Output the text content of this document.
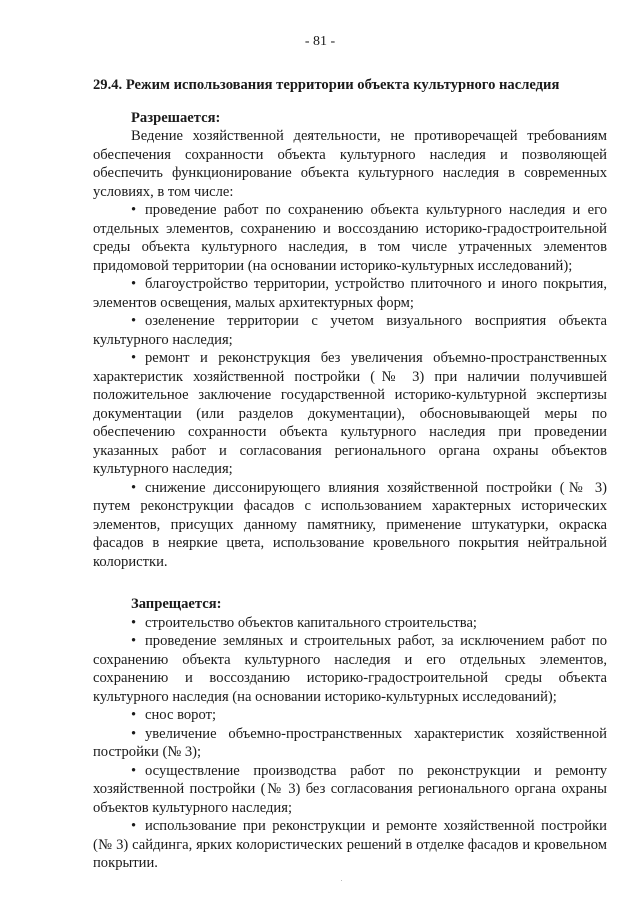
- 81 -

29.4. Режим использования территории объекта культурного наследия

Разрешается:

Ведение хозяйственной деятельности, не противоречащей требованиям обеспечения сохранности объекта культурного наследия и позволяющей обеспечить функционирование объекта культурного наследия в современных условиях, в том числе:

• проведение работ по сохранению объекта культурного наследия и его отдельных элементов, сохранению и воссозданию историко-градостроительной среды объекта культурного наследия, в том числе утраченных элементов придомовой территории (на основании историко-культурных исследований);
• благоустройство территории, устройство плиточного и иного покрытия, элементов освещения, малых архитектурных форм;
• озеленение территории с учетом визуального восприятия объекта культурного наследия;
• ремонт и реконструкция без увеличения объемно-пространственных характеристик хозяйственной постройки (№ 3) при наличии получившей положительное заключение государственной историко-культурной экспертизы документации (или разделов документации), обосновывающей меры по обеспечению сохранности объекта культурного наследия при проведении указанных работ и согласования регионального органа охраны объектов культурного наследия;
• снижение диссонирующего влияния хозяйственной постройки (№ 3) путем реконструкции фасадов с использованием характерных исторических элементов, присущих данному памятнику, применение штукатурки, окраска фасадов в неяркие цвета, использование кровельного покрытия нейтральной колористки.

Запрещается:

• строительство объектов капитального строительства;
• проведение земляных и строительных работ, за исключением работ по сохранению объекта культурного наследия и его отдельных элементов, сохранению и воссозданию историко-градостроительной среды объекта культурного наследия (на основании историко-культурных исследований);
• снос ворот;
• увеличение объемно-пространственных характеристик хозяйственной постройки (№ 3);
• осуществление производства работ по реконструкции и ремонту хозяйственной постройки (№ 3) без согласования регионального органа охраны объектов культурного наследия;
• использование при реконструкции и ремонте хозяйственной постройки (№ 3) сайдинга, ярких колористических решений в отделке фасадов и кровельном покрытии.
